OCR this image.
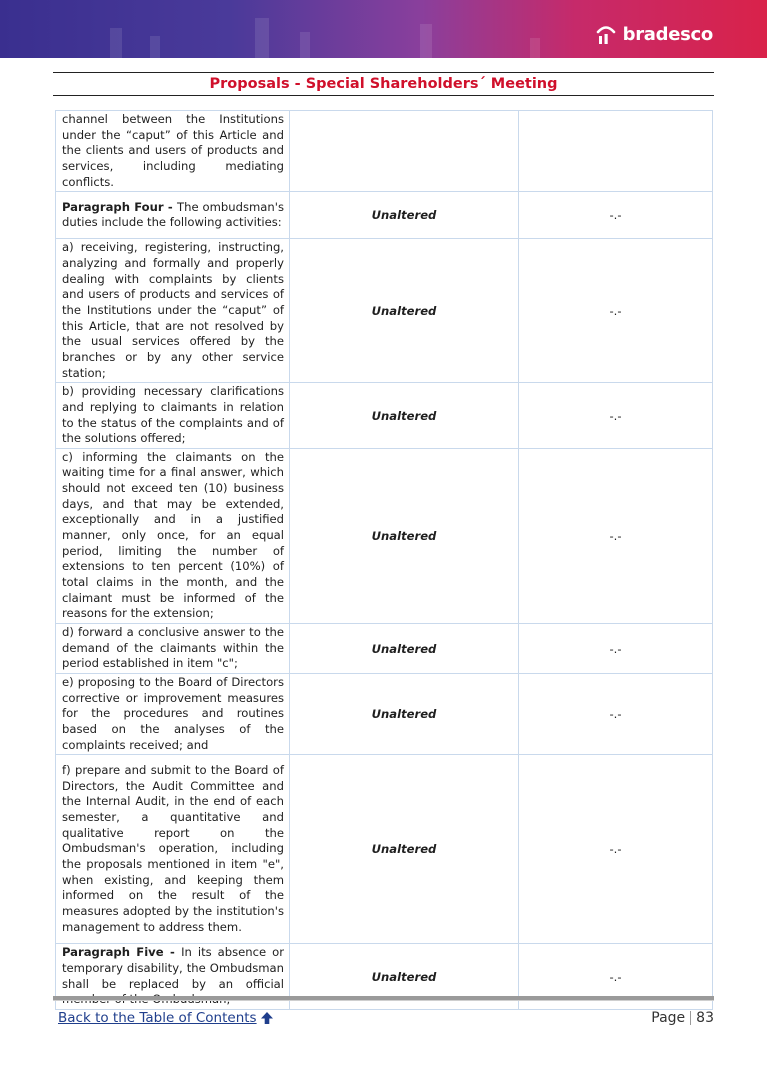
bradesco
Proposals - Special Shareholders´ Meeting
channel between the Institutions under the “caput” of this Article and the clients and users of products and services, including mediating conflicts.		
Paragraph Four - The ombudsman's duties include the following activities:	Unaltered	-.-
a) receiving, registering, instructing, analyzing and formally and properly dealing with complaints by clients and users of products and services of the Institutions under the “caput” of this Article, that are not resolved by the usual services offered by the branches or by any other service station;	Unaltered	-.-
b) providing necessary clarifications and replying to claimants in relation to the status of the complaints and of the solutions offered;	Unaltered	-.-
c) informing the claimants on the waiting time for a final answer, which should not exceed ten (10) business days, and that may be extended, exceptionally and in a justified manner, only once, for an equal period, limiting the number of extensions to ten percent (10%) of total claims in the month, and the claimant must be informed of the reasons for the extension;	Unaltered	-.-
d) forward a conclusive answer to the demand of the claimants within the period established in item "c";	Unaltered	-.-
e) proposing to the Board of Directors corrective or improvement measures for the procedures and routines based on the analyses of the complaints received; and	Unaltered	-.-
f) prepare and submit to the Board of Directors, the Audit Committee and the Internal Audit, in the end of each semester, a quantitative and qualitative report on the Ombudsman's operation, including the proposals mentioned in item "e", when existing, and keeping them informed on the result of the measures adopted by the institution's management to address them.	Unaltered	-.-
Paragraph Five - In its absence or temporary disability, the Ombudsman shall be replaced by an official	Unaltered	-.-
Back to the Table of Contents	Page 83
